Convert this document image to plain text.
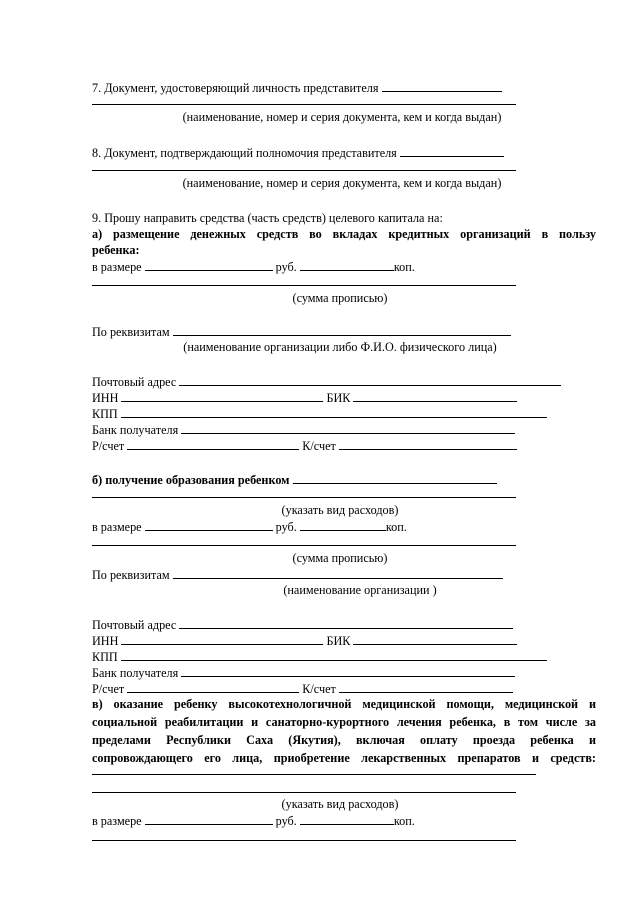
7. Документ, удостоверяющий личность представителя
(наименование, номер и серия документа, кем и когда выдан)
8. Документ, подтверждающий полномочия представителя
(наименование, номер и серия документа, кем и когда выдан)
9. Прошу направить средства (часть средств) целевого капитала на:
а) размещение денежных средств во вкладах кредитных организаций в пользу
ребенка:
в размере	руб.	коп.
(сумма прописью)
По реквизитам
(наименование организации либо Ф.И.О. физического лица)
Почтовый адрес
ИНН	БИК
КПП
Банк получателя
Р/счет	К/счет
б) получение образования ребенком
(указать вид расходов)
в размере	руб.	коп.
(сумма прописью)
По реквизитам
(наименование организации )
Почтовый адрес
ИНН	БИК
КПП
Банк получателя
Р/счет	К/счет
в) оказание ребенку высокотехнологичной медицинской помощи, медицинской и
социальной реабилитации и санаторно-курортного лечения ребенка, в том числе за
пределами Республики Саха (Якутия), включая оплату проезда ребенка и
сопровождающего его лица, приобретение лекарственных препаратов и средств:
(указать вид расходов)
в размере	руб.	коп.
